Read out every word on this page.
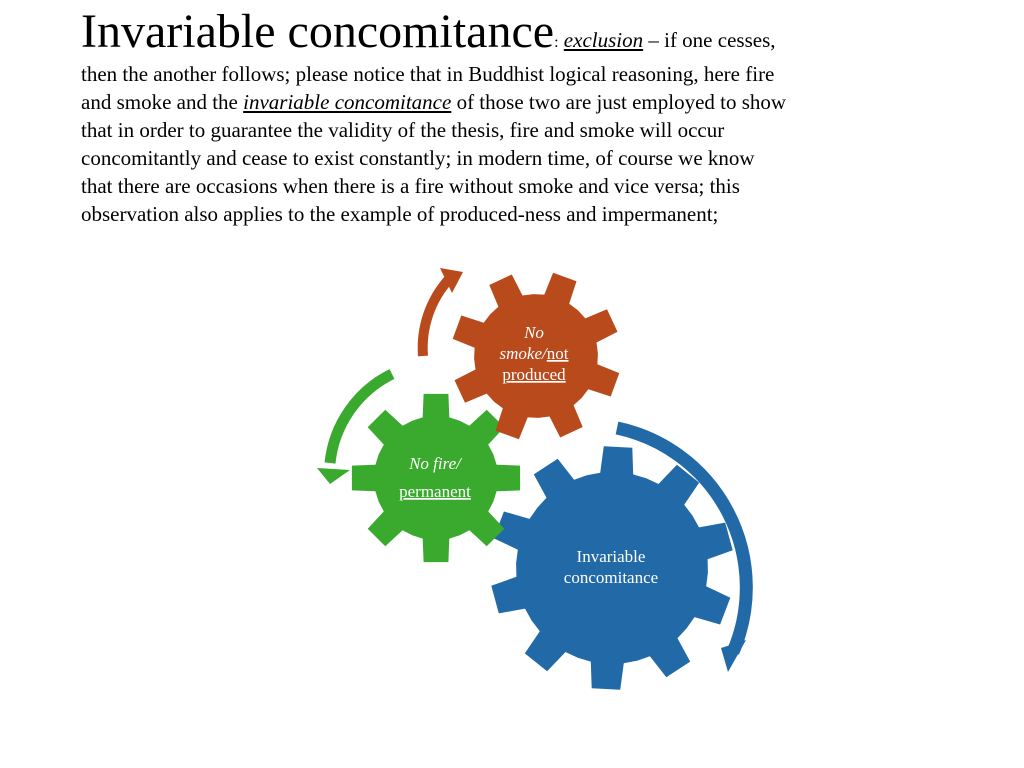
Invariable concomitance: exclusion – if one cesses,
then the another follows; please notice that in Buddhist logical reasoning, here fire
and smoke and the invariable concomitance of those two are just employed to show
that in order to guarantee the validity of the thesis, fire and smoke will occur
concomitantly and cease to exist constantly; in modern time, of course we know
that there are occasions when there is a fire without smoke and vice versa; this
observation also applies to the example of produced-ness and impermanent;
Invariable
concomitance
No fire/
permanent
No
smoke/not
produced
